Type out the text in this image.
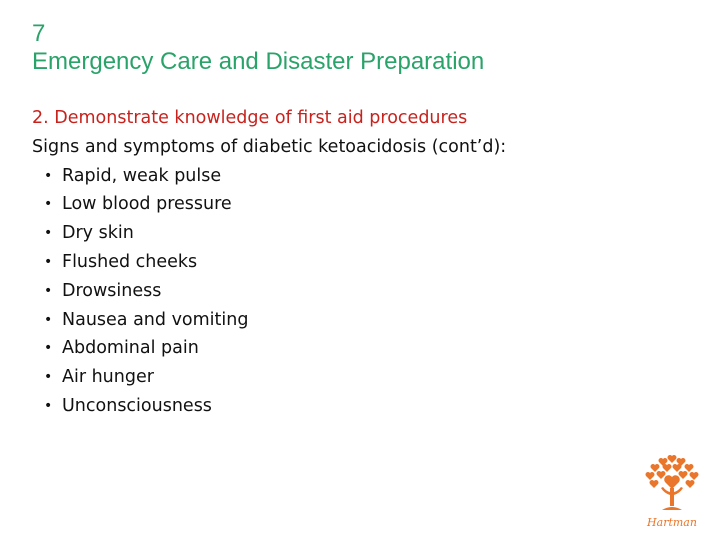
7
Emergency Care and Disaster Preparation

2. Demonstrate knowledge of first aid procedures

Signs and symptoms of diabetic ketoacidosis (cont’d):

• Rapid, weak pulse
• Low blood pressure
• Dry skin
• Flushed cheeks
• Drowsiness
• Nausea and vomiting
• Abdominal pain
• Air hunger
• Unconsciousness
Hartman
